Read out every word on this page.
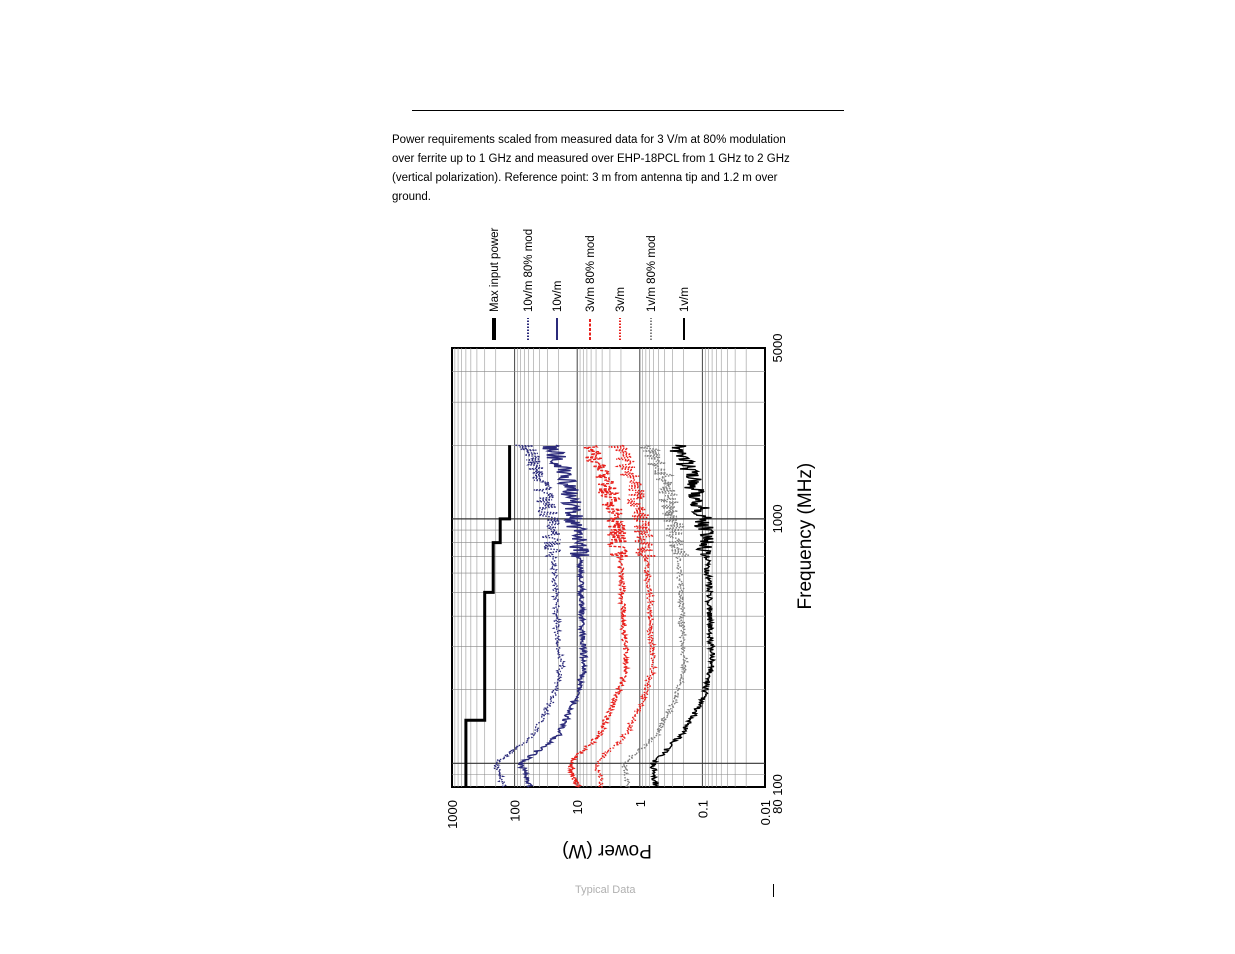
Power requirements scaled from measured data for 3 V/m at 80% modulation
over ferrite up to 1 GHz and measured over EHP-18PCL from 1 GHz to 2 GHz
(vertical polarization). Reference point: 3 m from antenna tip and 1.2 m over
ground.
1000	100	10	1	0.1	0.01
80 100
1000
5000
Frequency (MHz)
Power (W)
Max input power 10v/m 80% mod 10v/m 3v/m 80% mod 3v/m 1v/m 80% mod 1v/m
Typical Data
